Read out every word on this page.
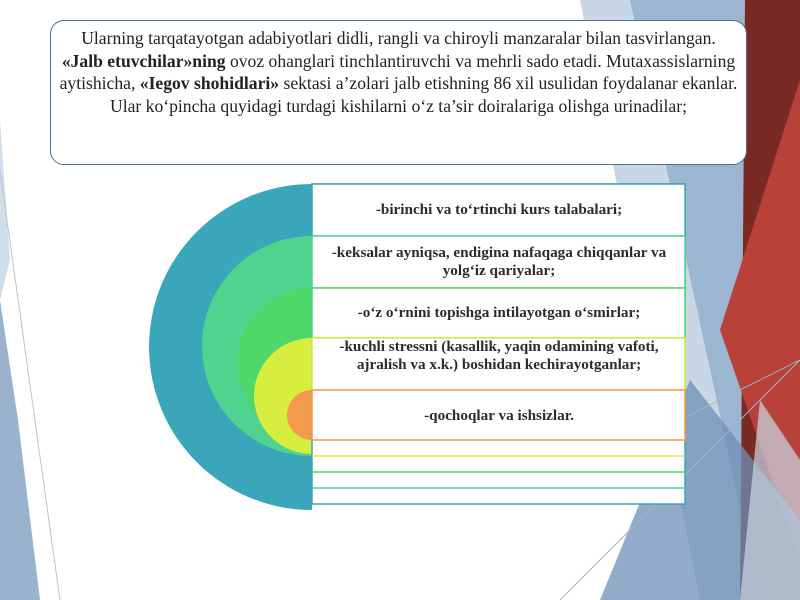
Ularning tarqatayotgan adabiyotlari didli, rangli va chiroyli manzaralar bilan tasvirlangan. «Jalb etuvchilar»ning ovoz ohanglari tinchlantiruvchi va mehrli sado etadi. Mutaxassislarning aytishicha, «Iegov shohidlari» sektasi a’zolari jalb etishning 86 xil usulidan foydalanar ekanlar. Ular ko‘pincha quyidagi turdagi kishilarni o‘z ta’sir doiralariga olishga urinadilar;
-birinchi va to‘rtinchi kurs talabalari;
-keksalar ayniqsa, endigina nafaqaga chiqqanlar va yolg‘iz qariyalar;
-o‘z o‘rnini topishga intilayotgan o‘smirlar;
-kuchli stressni (kasallik, yaqin odamining vafoti, ajralish va x.k.) boshidan kechirayotganlar;
-qochoqlar va ishsizlar.
